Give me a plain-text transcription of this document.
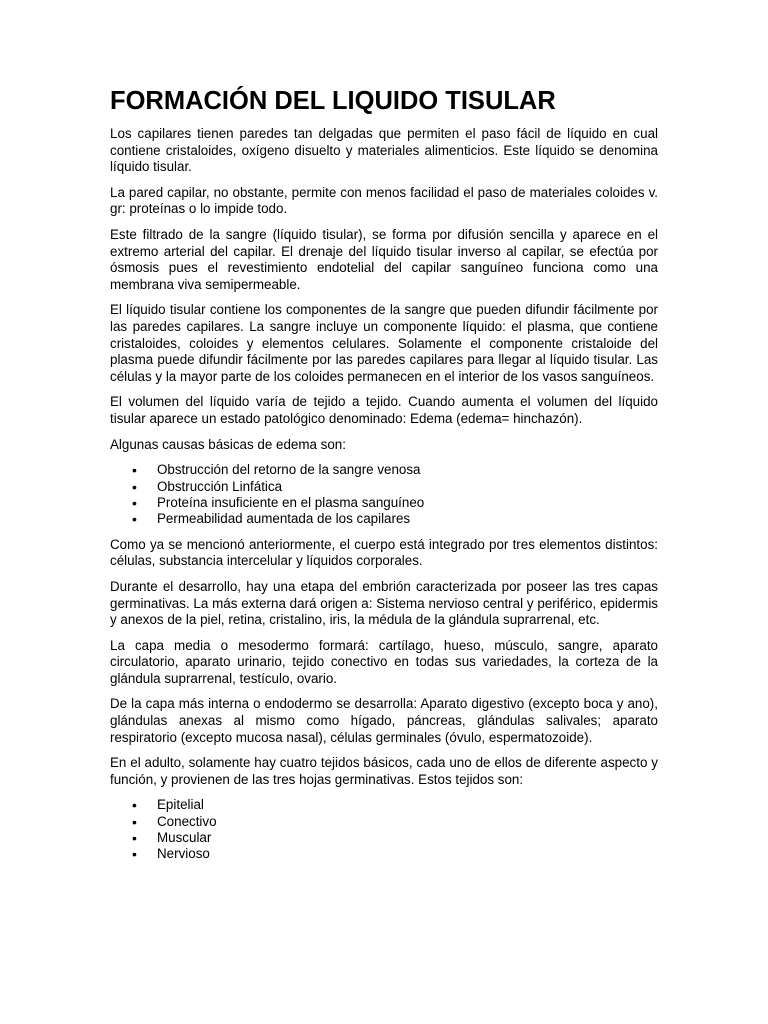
FORMACIÓN DEL LIQUIDO TISULAR

Los capilares tienen paredes tan delgadas que permiten el paso fácil de líquido en cual contiene cristaloides, oxígeno disuelto y materiales alimenticios. Este líquido se denomina líquido tisular.

La pared capilar, no obstante, permite con menos facilidad el paso de materiales coloides v. gr: proteínas o lo impide todo.

Este filtrado de la sangre (líquido tisular), se forma por difusión sencilla y aparece en el extremo arterial del capilar. El drenaje del líquido tisular inverso al capilar, se efectúa por ósmosis pues el revestimiento endotelial del capilar sanguíneo funciona como una membrana viva semipermeable.

El líquido tisular contiene los componentes de la sangre que pueden difundir fácilmente por las paredes capilares. La sangre incluye un componente líquido: el plasma, que contiene cristaloides, coloides y elementos celulares. Solamente el componente cristaloide del plasma puede difundir fácilmente por las paredes capilares para llegar al líquido tisular. Las células y la mayor parte de los coloides permanecen en el interior de los vasos sanguíneos.

El volumen del líquido varía de tejido a tejido. Cuando aumenta el volumen del líquido tisular aparece un estado patológico denominado: Edema (edema= hinchazón).

Algunas causas básicas de edema son:

• Obstrucción del retorno de la sangre venosa
• Obstrucción Linfática
• Proteína insuficiente en el plasma sanguíneo
• Permeabilidad aumentada de los capilares

Como ya se mencionó anteriormente, el cuerpo está integrado por tres elementos distintos: células, substancia intercelular y líquidos corporales.

Durante el desarrollo, hay una etapa del embrión caracterizada por poseer las tres capas germinativas. La más externa dará origen a: Sistema nervioso central y periférico, epidermis y anexos de la piel, retina, cristalino, iris, la médula de la glándula suprarrenal, etc.

La capa media o mesodermo formará: cartílago, hueso, músculo, sangre, aparato circulatorio, aparato urinario, tejido conectivo en todas sus variedades, la corteza de la glándula suprarrenal, testículo, ovario.

De la capa más interna o endodermo se desarrolla: Aparato digestivo (excepto boca y ano), glándulas anexas al mismo como hígado, páncreas, glándulas salivales; aparato respiratorio (excepto mucosa nasal), células germinales (óvulo, espermatozoide).

En el adulto, solamente hay cuatro tejidos básicos, cada uno de ellos de diferente aspecto y función, y provienen de las tres hojas germinativas. Estos tejidos son:

• Epitelial
• Conectivo
• Muscular
• Nervioso
